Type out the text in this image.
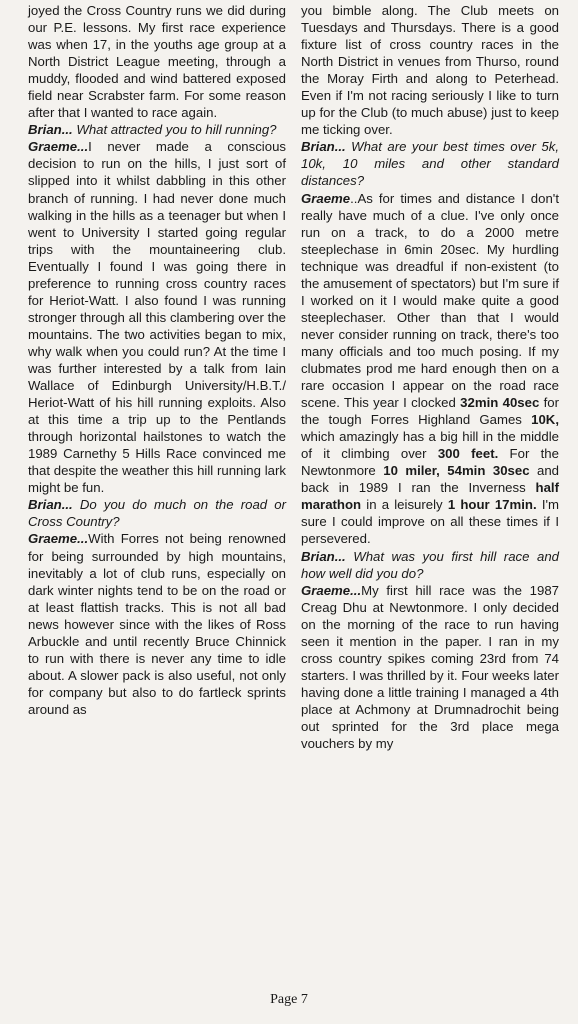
joyed the Cross Country runs we did during our P.E. lessons. My first race experience was when 17, in the youths age group at a North District League meeting, through a muddy, flooded and wind battered exposed field near Scrabster farm. For some reason after that I wanted to race again.

Brian... What attracted you to hill running?

Graeme...I never made a conscious decision to run on the hills, I just sort of slipped into it whilst dabbling in this other branch of running. I had never done much walking in the hills as a teenager but when I went to University I started going regular trips with the mountaineering club. Eventually I found I was going there in preference to running cross country races for Heriot-Watt. I also found I was running stronger through all this clambering over the mountains. The two activities began to mix, why walk when you could run? At the time I was further interested by a talk from Iain Wallace of Edinburgh University/H.B.T./ Heriot-Watt of his hill running exploits. Also at this time a trip up to the Pentlands through horizontal hailstones to watch the 1989 Carnethy 5 Hills Race convinced me that despite the weather this hill running lark might be fun.

Brian... Do you do much on the road or Cross Country?

Graeme...With Forres not being renowned for being surrounded by high mountains, inevitably a lot of club runs, especially on dark winter nights tend to be on the road or at least flattish tracks. This is not all bad news however since with the likes of Ross Arbuckle and until recently Bruce Chinnick to run with there is never any time to idle about. A slower pack is also useful, not only for company but also to do fartleck sprints around as

you bimble along. The Club meets on Tuesdays and Thursdays. There is a good fixture list of cross country races in the North District in venues from Thurso, round the Moray Firth and along to Peterhead. Even if I'm not racing seriously I like to turn up for the Club (to much abuse) just to keep me ticking over.

Brian... What are your best times over 5k, 10k, 10 miles and other standard distances?

Graeme..As for times and distance I don't really have much of a clue. I've only once run on a track, to do a 2000 metre steeplechase in 6min 20sec. My hurdling technique was dreadful if non-existent (to the amusement of spectators) but I'm sure if I worked on it I would make quite a good steeplechaser. Other than that I would never consider running on track, there's too many officials and too much posing. If my clubmates prod me hard enough then on a rare occasion I appear on the road race scene. This year I clocked 32min 40sec for the tough Forres Highland Games 10K, which amazingly has a big hill in the middle of it climbing over 300 feet. For the Newtonmore 10 miler, 54min 30sec and back in 1989 I ran the Inverness half marathon in a leisurely 1 hour 17min. I'm sure I could improve on all these times if I persevered.

Brian... What was you first hill race and how well did you do?

Graeme...My first hill race was the 1987 Creag Dhu at Newtonmore. I only decided on the morning of the race to run having seen it mention in the paper. I ran in my cross country spikes coming 23rd from 74 starters. I was thrilled by it. Four weeks later having done a little training I managed a 4th place at Achmony at Drumnadrochit being out sprinted for the 3rd place mega vouchers by my

Page 7
